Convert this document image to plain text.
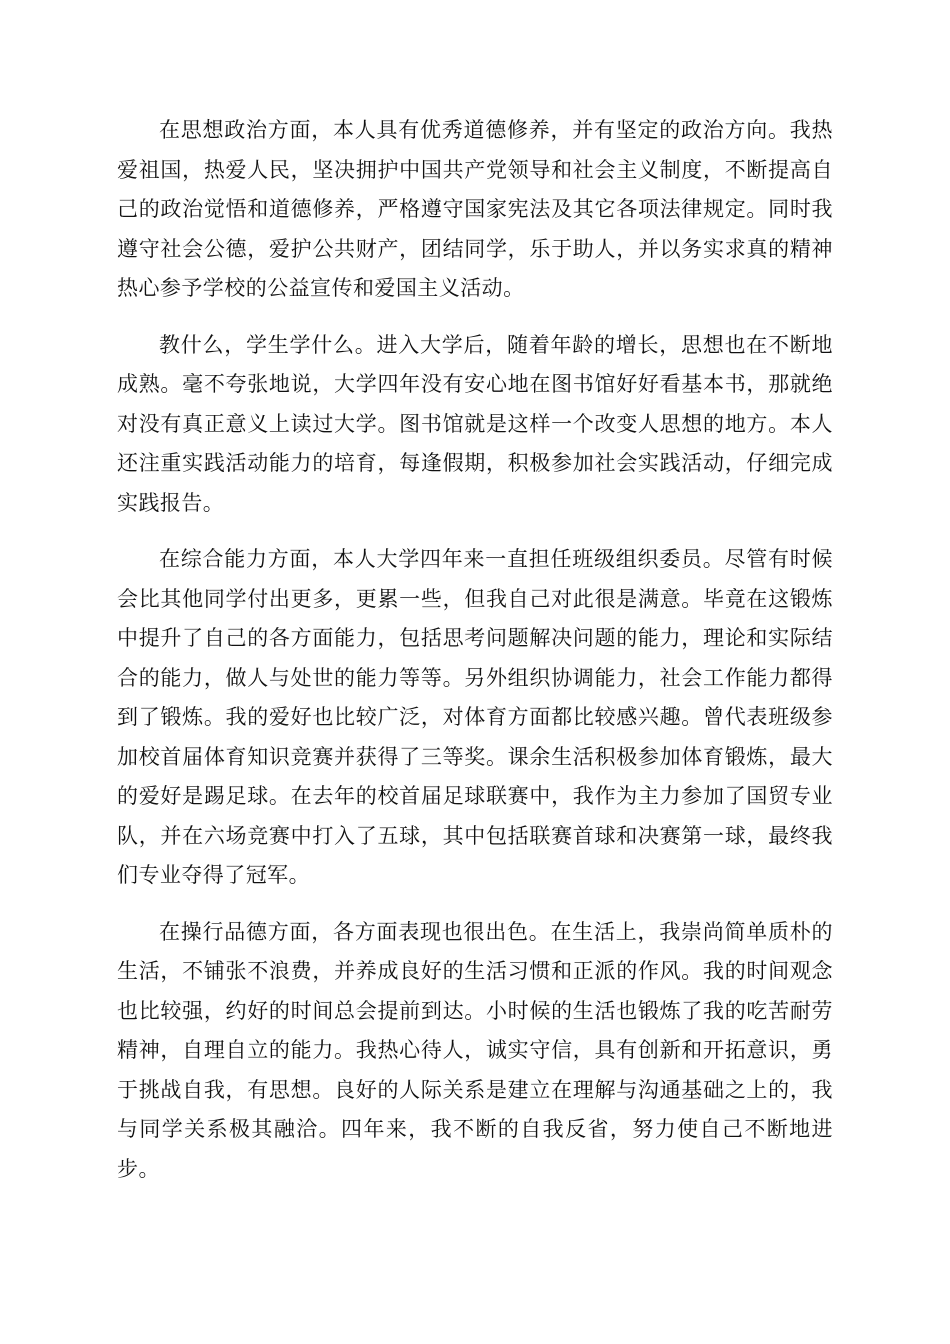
在思想政治方面，本人具有优秀道德修养，并有坚定的政治方向。我热爱祖国，热爱人民，坚决拥护中国共产党领导和社会主义制度，不断提高自己的政治觉悟和道德修养，严格遵守国家宪法及其它各项法律规定。同时我遵守社会公德，爱护公共财产，团结同学，乐于助人，并以务实求真的精神热心参予学校的公益宣传和爱国主义活动。

教什么，学生学什么。进入大学后，随着年龄的增长，思想也在不断地成熟。毫不夸张地说，大学四年没有安心地在图书馆好好看基本书，那就绝对没有真正意义上读过大学。图书馆就是这样一个改变人思想的地方。本人还注重实践活动能力的培育，每逢假期，积极参加社会实践活动，仔细完成实践报告。

在综合能力方面，本人大学四年来一直担任班级组织委员。尽管有时候会比其他同学付出更多，更累一些，但我自己对此很是满意。毕竟在这锻炼中提升了自己的各方面能力，包括思考问题解决问题的能力，理论和实际结合的能力，做人与处世的能力等等。另外组织协调能力，社会工作能力都得到了锻炼。我的爱好也比较广泛，对体育方面都比较感兴趣。曾代表班级参加校首届体育知识竞赛并获得了三等奖。课余生活积极参加体育锻炼，最大的爱好是踢足球。在去年的校首届足球联赛中，我作为主力参加了国贸专业队，并在六场竞赛中打入了五球，其中包括联赛首球和决赛第一球，最终我们专业夺得了冠军。

在操行品德方面，各方面表现也很出色。在生活上，我崇尚简单质朴的生活，不铺张不浪费，并养成良好的生活习惯和正派的作风。我的时间观念也比较强，约好的时间总会提前到达。小时候的生活也锻炼了我的吃苦耐劳精神，自理自立的能力。我热心待人，诚实守信，具有创新和开拓意识，勇于挑战自我，有思想。良好的人际关系是建立在理解与沟通基础之上的，我与同学关系极其融洽。四年来，我不断的自我反省，努力使自己不断地进步。
